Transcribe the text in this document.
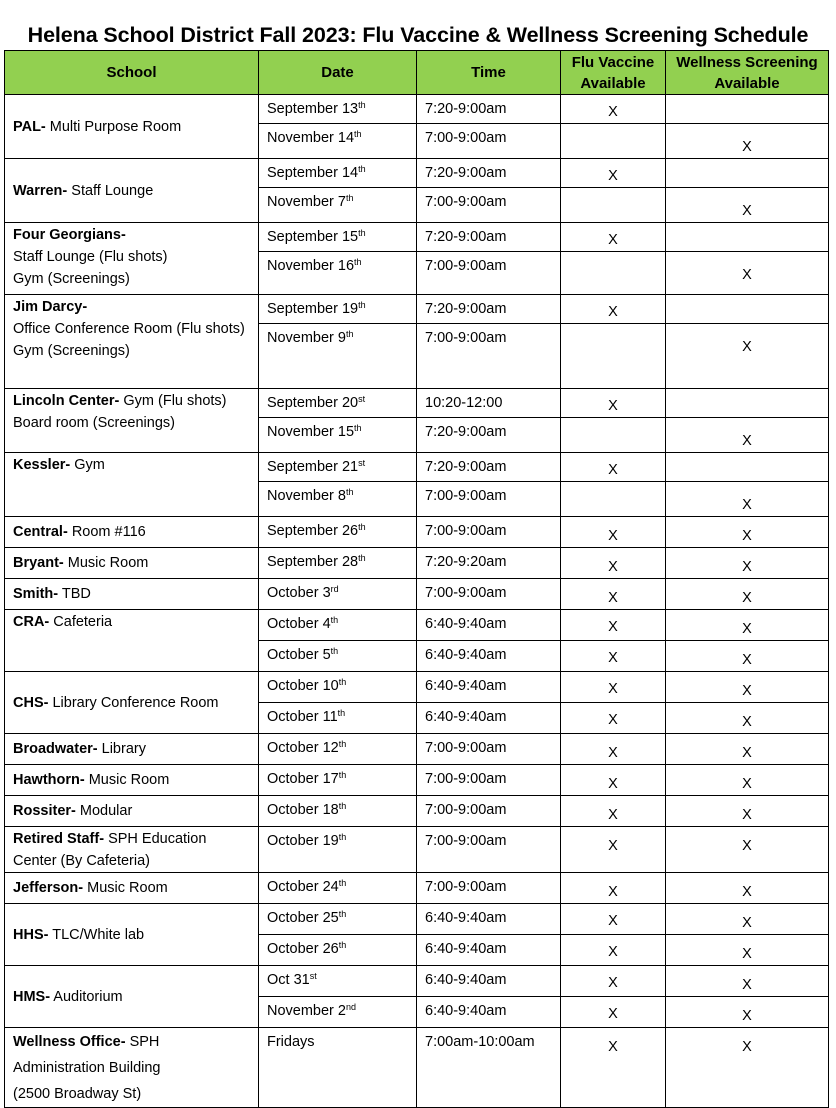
Helena School District Fall 2023: Flu Vaccine & Wellness Screening Schedule
School	Date	Time	Flu Vaccine Available	Wellness Screening Available
PAL- Multi Purpose Room	September 13th	7:20-9:00am	X	
	November 14th	7:00-9:00am		X
Warren- Staff Lounge	September 14th	7:20-9:00am	X	
	November 7th	7:00-9:00am		X
Four Georgians-
Staff Lounge (Flu shots)
Gym (Screenings)	September 15th	7:20-9:00am	X	
	November 16th	7:00-9:00am		X
Jim Darcy-
Office Conference Room (Flu shots)
Gym (Screenings)	September 19th	7:20-9:00am	X	
	November 9th	7:00-9:00am		X
Lincoln Center- Gym (Flu shots)
Board room (Screenings)	September 20st	10:20-12:00	X	
	November 15th	7:20-9:00am		X
Kessler- Gym	September 21st	7:20-9:00am	X	
	November 8th	7:00-9:00am		X
Central- Room #116	September 26th	7:00-9:00am	X	X
Bryant- Music Room	September 28th	7:20-9:20am	X	X
Smith- TBD	October 3rd	7:00-9:00am	X	X
CRA- Cafeteria	October 4th	6:40-9:40am	X	X
	October 5th	6:40-9:40am	X	X
CHS- Library Conference Room	October 10th	6:40-9:40am	X	X
	October 11th	6:40-9:40am	X	X
Broadwater- Library	October 12th	7:00-9:00am	X	X
Hawthorn- Music Room	October 17th	7:00-9:00am	X	X
Rossiter- Modular	October 18th	7:00-9:00am	X	X
Retired Staff- SPH Education
Center (By Cafeteria)	October 19th	7:00-9:00am	X	X
Jefferson- Music Room	October 24th	7:00-9:00am	X	X
HHS- TLC/White lab	October 25th	6:40-9:40am	X	X
	October 26th	6:40-9:40am	X	X
HMS- Auditorium	Oct 31st	6:40-9:40am	X	X
	November 2nd	6:40-9:40am	X	X
Wellness Office- SPH
Administration Building
(2500 Broadway St)	Fridays	7:00am-10:00am	X	X
